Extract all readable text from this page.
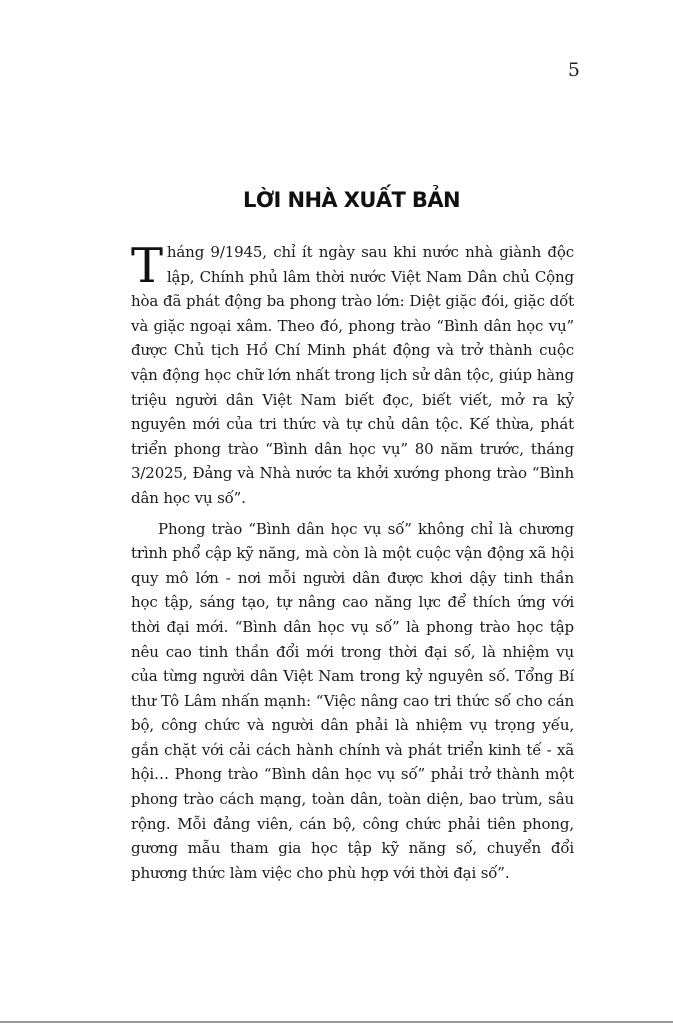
5
LỜI NHÀ XUẤT BẢN

Tháng 9/1945, chỉ ít ngày sau khi nước nhà giành độc lập, Chính phủ lâm thời nước Việt Nam Dân chủ Cộng hòa đã phát động ba phong trào lớn: Diệt giặc đói, giặc dốt và giặc ngoại xâm. Theo đó, phong trào “Bình dân học vụ” được Chủ tịch Hồ Chí Minh phát động và trở thành cuộc vận động học chữ lớn nhất trong lịch sử dân tộc, giúp hàng triệu người dân Việt Nam biết đọc, biết viết, mở ra kỷ nguyên mới của tri thức và tự chủ dân tộc. Kế thừa, phát triển phong trào “Bình dân học vụ” 80 năm trước, tháng 3/2025, Đảng và Nhà nước ta khởi xướng phong trào “Bình dân học vụ số”.

Phong trào “Bình dân học vụ số” không chỉ là chương trình phổ cập kỹ năng, mà còn là một cuộc vận động xã hội quy mô lớn - nơi mỗi người dân được khơi dậy tinh thần học tập, sáng tạo, tự nâng cao năng lực để thích ứng với thời đại mới. “Bình dân học vụ số” là phong trào học tập nêu cao tinh thần đổi mới trong thời đại số, là nhiệm vụ của từng người dân Việt Nam trong kỷ nguyên số. Tổng Bí thư Tô Lâm nhấn mạnh: “Việc nâng cao tri thức số cho cán bộ, công chức và người dân phải là nhiệm vụ trọng yếu, gắn chặt với cải cách hành chính và phát triển kinh tế - xã hội… Phong trào “Bình dân học vụ số” phải trở thành một phong trào cách mạng, toàn dân, toàn diện, bao trùm, sâu rộng. Mỗi đảng viên, cán bộ, công chức phải tiên phong, gương mẫu tham gia học tập kỹ năng số, chuyển đổi phương thức làm việc cho phù hợp với thời đại số”.
